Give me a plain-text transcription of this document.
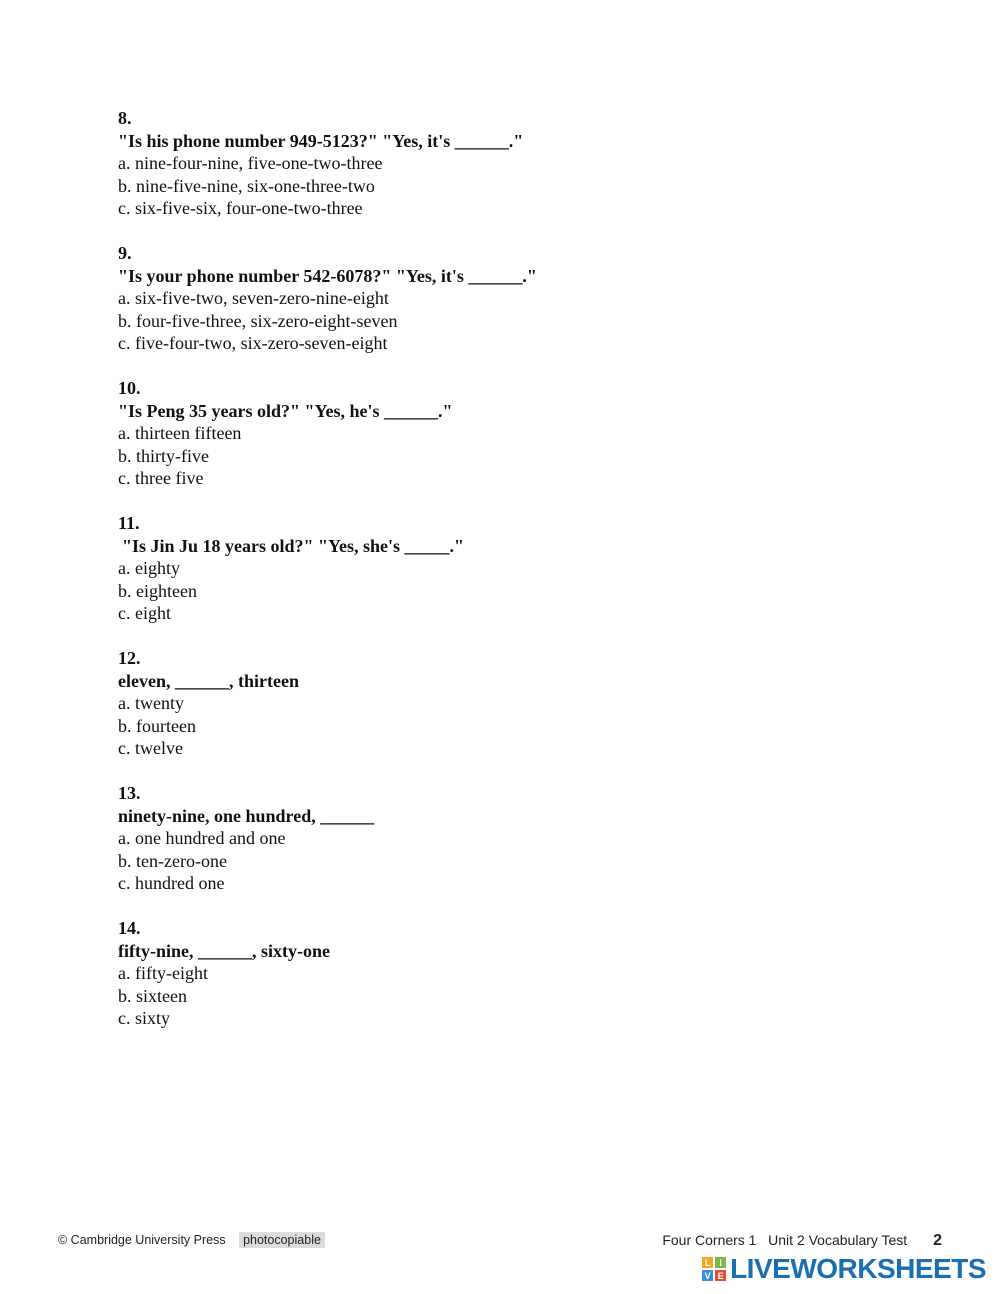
8.
"Is his phone number 949-5123?" "Yes, it's ______."
a. nine-four-nine, five-one-two-three
b. nine-five-nine, six-one-three-two
c. six-five-six, four-one-two-three
9.
"Is your phone number 542-6078?" "Yes, it's ______."
a. six-five-two, seven-zero-nine-eight
b. four-five-three, six-zero-eight-seven
c. five-four-two, six-zero-seven-eight
10.
"Is Peng 35 years old?" "Yes, he's ______."
a. thirteen fifteen
b. thirty-five
c. three five
11.
"Is Jin Ju 18 years old?" "Yes, she's _____."
a. eighty
b. eighteen
c. eight
12.
eleven, ______, thirteen
a. twenty
b. fourteen
c. twelve
13.
ninety-nine, one hundred, ______
a. one hundred and one
b. ten-zero-one
c. hundred one
14.
fifty-nine, ______, sixty-one
a. fifty-eight
b. sixteen
c. sixty
© Cambridge University Press photocopiable	Four Corners 1 Unit 2 Vocabulary Test 2
L I
V E LIVEWORKSHEETS
